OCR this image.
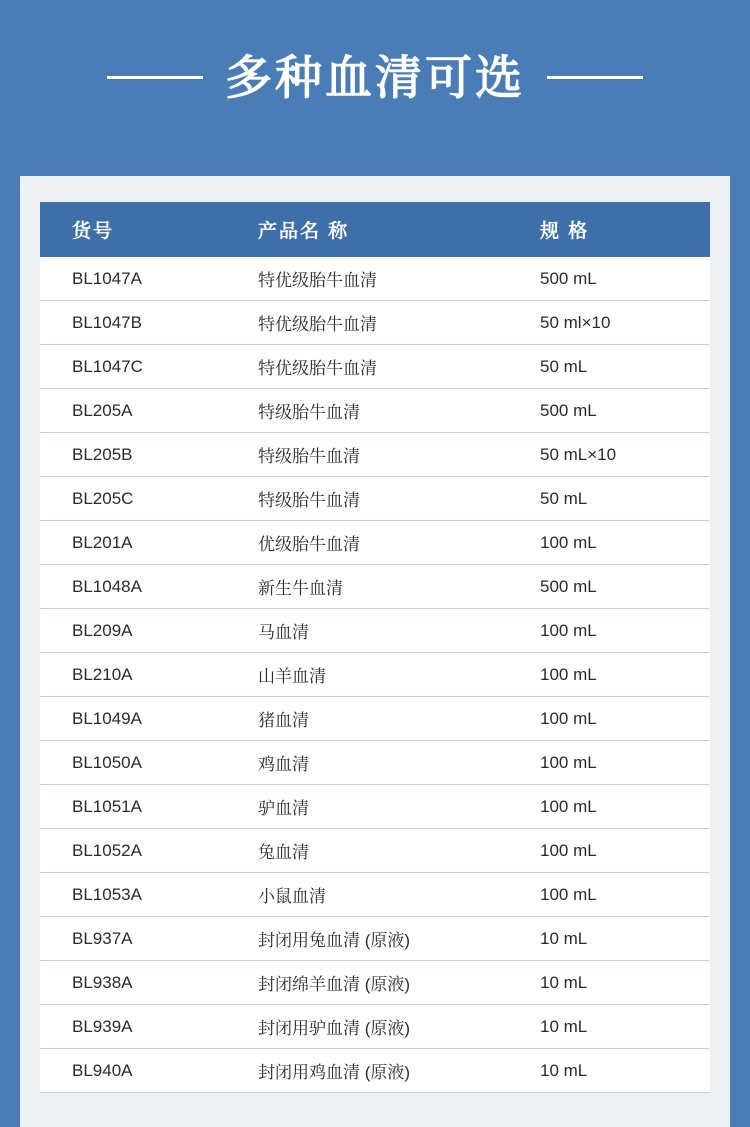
多种血清可选
货号	产品名 称	规 格
BL1047A	特优级胎牛血清	500 mL
BL1047B	特优级胎牛血清	50 ml×10
BL1047C	特优级胎牛血清	50 mL
BL205A	特级胎牛血清	500 mL
BL205B	特级胎牛血清	50 mL×10
BL205C	特级胎牛血清	50 mL
BL201A	优级胎牛血清	100 mL
BL1048A	新生牛血清	500 mL
BL209A	马血清	100 mL
BL210A	山羊血清	100 mL
BL1049A	猪血清	100 mL
BL1050A	鸡血清	100 mL
BL1051A	驴血清	100 mL
BL1052A	兔血清	100 mL
BL1053A	小鼠血清	100 mL
BL937A	封闭用兔血清 (原液)	10 mL
BL938A	封闭绵羊血清 (原液)	10 mL
BL939A	封闭用驴血清 (原液)	10 mL
BL940A	封闭用鸡血清 (原液)	10 mL
